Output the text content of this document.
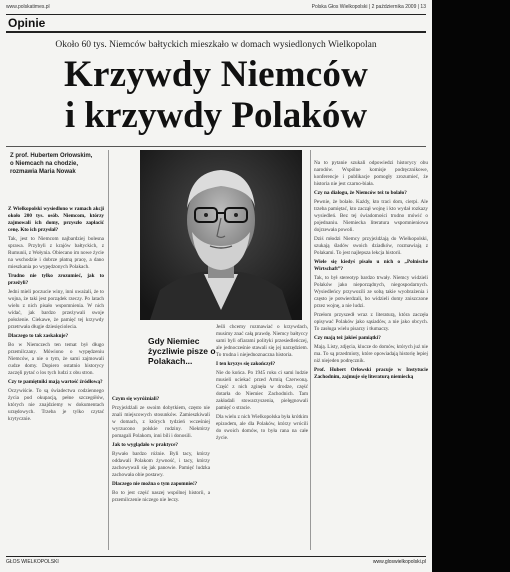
www.polskatimes.pl	Polska Głos Wielkopolski | 2 października 2009 | 13
Opinie
Około 60 tys. Niemców bałtyckich mieszkało w domach wysiedlonych Wielkopolan
Krzywdy Niemców
i krzywdy Polaków
Z prof. Hubertem Orłowskim, o Niemcach na chodzie, rozmawia Maria Nowak
Gdy Niemiec życzliwie pisze o Polakach...

Z Wielkopolski wysiedlono w ramach akcji około 200 tys. osób. Niemcom, którzy zajmowali ich domy, przyszło zapłacić cenę. Kto ich przysłał?

Tak, jest to Niemcom najbardziej bolesna sprawa. Przybyli z krajów bałtyckich, z Rumunii, z Wołynia. Obiecano im nowe życie na wschodzie i dobrze płatną pracę, a dano mieszkania po wypędzonych Polakach.

Trudno nie tylko zrozumieć, jak to przeżyli?

Jedni mieli poczucie winy, inni uważali, że to wojna, że taki jest porządek rzeczy. Po latach wielu z nich pisało wspomnienia. W nich widać, jak bardzo przeżywali swoje położenie. Ciekawe, że pamięć tej krzywdy przetrwała długie dziesięciolecia.

Dlaczego to tak zaskakuje?

Bo w Niemczech ten temat był długo przemilczany. Mówiono o wypędzeniu Niemców, a nie o tym, że sami zajmowali cudze domy. Dopiero ostatnio historycy zaczęli pytać o los tych ludzi z obu stron.

Czy te pamiętniki mają wartość źródłową?

Oczywiście. To są świadectwa codziennego życia pod okupacją, pełne szczegółów, których nie znajdziemy w dokumentach urzędowych. Trzeba je tylko czytać krytycznie.

Czym się wyróżniali?

Przyjeżdżali ze swoim dobytkiem, często nie znali miejscowych stosunków. Zamieszkiwali w domach, z których tydzień wcześniej wyrzucono polskie rodziny. Niektórzy pomagali Polakom, inni bili i donosili.

Jak to wyglądało w praktyce?

Bywało bardzo różnie. Byli tacy, którzy oddawali Polakom żywność, i tacy, którzy zachowywali się jak panowie. Pamięć ludzka zachowała obie postawy.

Dlaczego nie można o tym zapomnieć?

Bo to jest część naszej wspólnej historii, a przemilczenie niczego nie leczy.

Jeśli chcemy rozmawiać o krzywdach, musimy znać całą prawdę. Niemcy bałtyccy sami byli ofiarami polityki przesiedleńczej, ale jednocześnie stawali się jej narzędziem. To trudna i niejednoznaczna historia.

I ten kryzys się zakończył?

Nie do końca. Po 1945 roku ci sami ludzie musieli uciekać przed Armią Czerwoną. Część z nich zginęła w drodze, część dotarła do Niemiec Zachodnich. Tam zakładali stowarzyszenia, pielęgnowali pamięć o stracie.

Dla wielu z nich Wielkopolska była krótkim epizodem, ale dla Polaków, którzy wrócili do swoich domów, to była rana na całe życie.

Na to pytanie szukali odpowiedzi historycy obu narodów. Wspólne komisje podręcznikowe, konferencje i publikacje pomogły zrozumieć, że historia nie jest czarno-biała.

Czy na dialogu, że Niemców też to bolało?

Pewnie, że bolało. Każdy, kto traci dom, cierpi. Ale trzeba pamiętać, kto zaczął wojnę i kto wydał rozkazy wysiedleń. Bez tej świadomości trudno mówić o pojednaniu. Niemiecka literatura wspomnieniowa dojrzewała powoli.

Dziś młodzi Niemcy przyjeżdżają do Wielkopolski, szukają śladów swoich dziadków, rozmawiają z Polakami. To jest najlepsza lekcja historii.

Wiele się kiedyś pisało u nich o „Polnische Wirtschaft”?

Tak, to był stereotyp bardzo trwały. Niemcy widzieli Polaków jako nieporządnych, niegospodarnych. Wysiedleńcy przywozili ze sobą takie wyobrażenia i często je potwierdzali, bo widzieli domy zniszczone przez wojnę, a nie ludzi.

Przełom przyszedł wraz z literaturą, która zaczęła opisywać Polaków jako sąsiadów, a nie jako obcych. To zasługa wielu pisarzy i tłumaczy.

Czy mają też jakieś pamiątki?

Mają. Listy, zdjęcia, klucze do domów, których już nie ma. To są przedmioty, które opowiadają historię lepiej niż niejeden podręcznik.

Prof. Hubert Orłowski pracuje w Instytucie Zachodnim, zajmuje się literaturą niemiecką

GŁOS WIELKOPOLSKI	www.gloswielkopolski.pl
